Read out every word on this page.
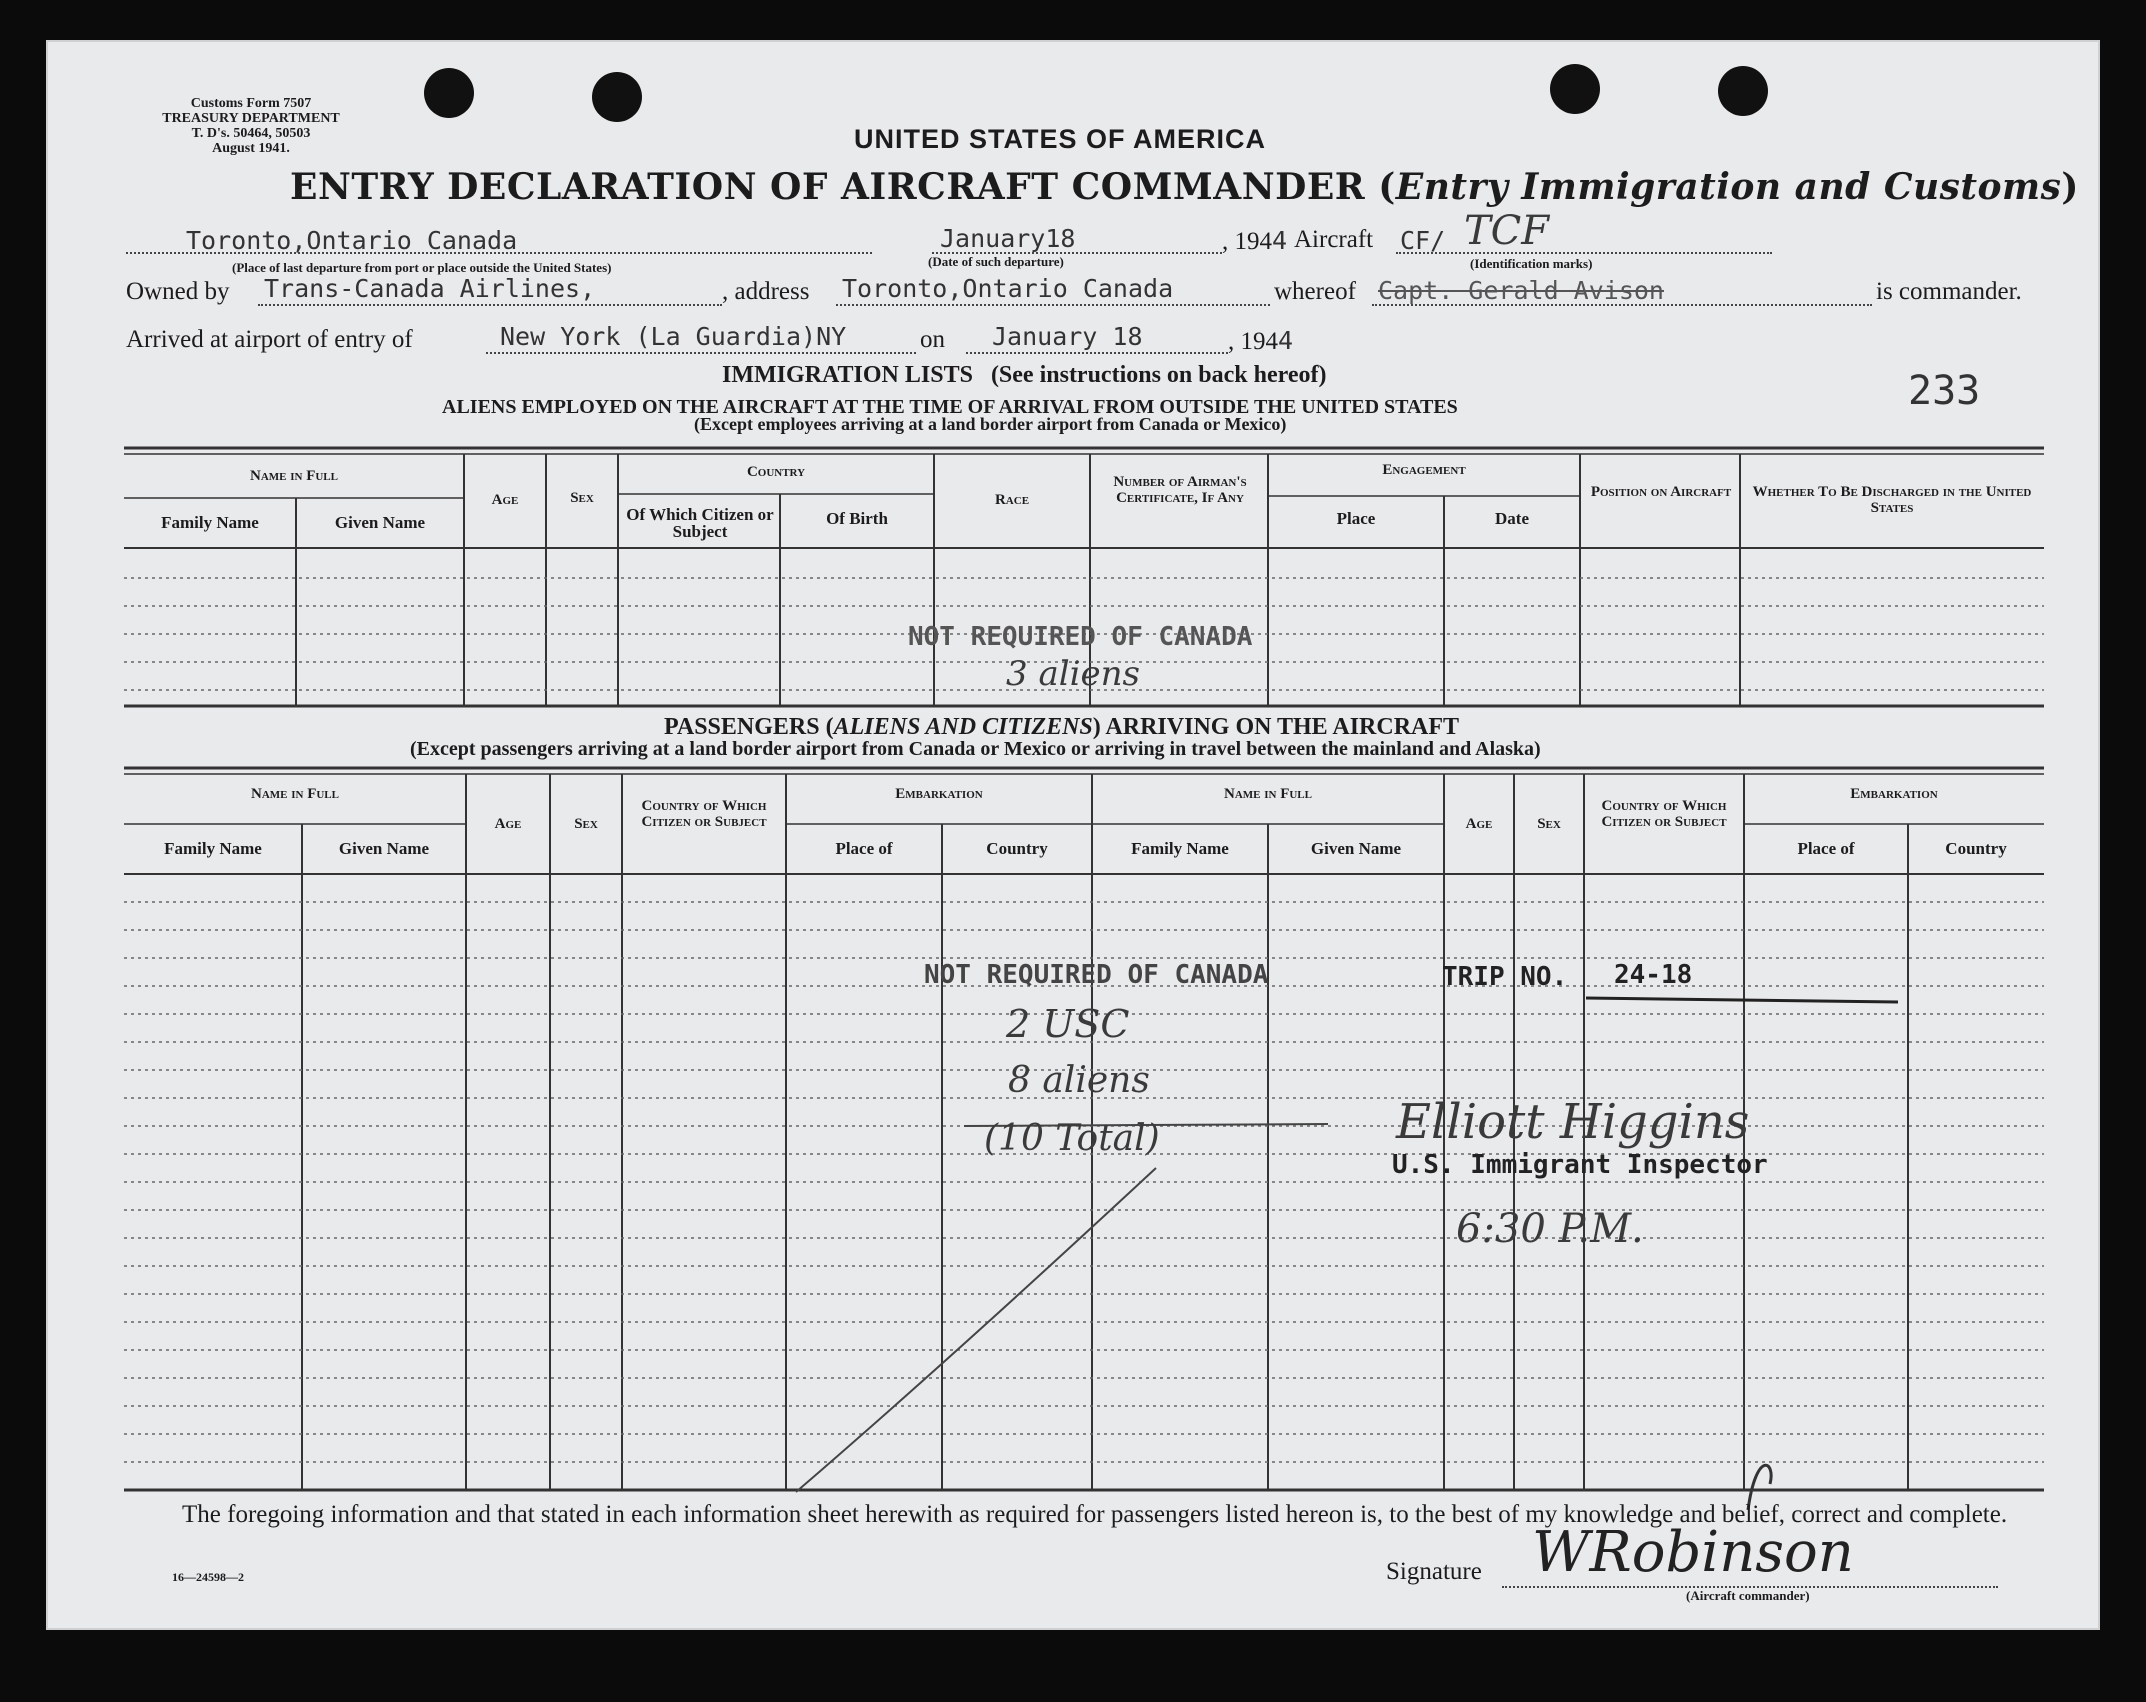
Customs Form 7507
TREASURY DEPARTMENT
T. D's. 50464, 50503
August 1941.	UNITED STATES OF AMERICA
ENTRY DECLARATION OF AIRCRAFT COMMANDER (Entry Immigration and Customs)
Toronto,Ontario Canada
(Place of last departure from port or place outside the United States)
January18
(Date of such departure)
, 1944 Aircraft CF/ TCF
(Identification marks)
Owned by Trans-Canada Airlines,	, address Toronto,Ontario Canada	whereof Capt. Gerald Avison	is commander.
Arrived at airport of entry of	New York (La Guardia)NY	on January 18	, 1944
IMMIGRATION LISTS (See instructions on back hereof)
ALIENS EMPLOYED ON THE AIRCRAFT AT THE TIME OF ARRIVAL FROM OUTSIDE THE UNITED STATES
(Except employees arriving at a land border airport from Canada or Mexico)
233
Name in Full
Family Name	Given Name
Age	Sex
Country
Of Which Citizen or Subject
Of Birth
Race
Number of Airman's Certificate, If Any
Engagement
Place	Date
Position on Aircraft	Whether To Be Discharged in the United States
NOT REQUIRED OF CANADA
3 aliens
PASSENGERS (ALIENS AND CITIZENS) ARRIVING ON THE AIRCRAFT
(Except passengers arriving at a land border airport from Canada or Mexico or arriving in travel between the mainland and Alaska)
Name in Full
Family Name	Given Name
Age	Sex
Country of Which Citizen or Subject
Embarkation
Place of	Country
Name in Full
Family Name	Given Name
Age	Sex
Country of Which Citizen or Subject
Embarkation
Place of	Country
NOT REQUIRED OF CANADA	TRIP NO. 24-18
2 USC
8 aliens
(10 Total)	Elliott Higgins
U.S. Immigrant Inspector
6:30 P.M.
The foregoing information and that stated in each information sheet herewith as required for passengers listed hereon is, to the best of my knowledge and belief, correct and complete.
16—24598—2	Signature WRobinson
(Aircraft commander)
